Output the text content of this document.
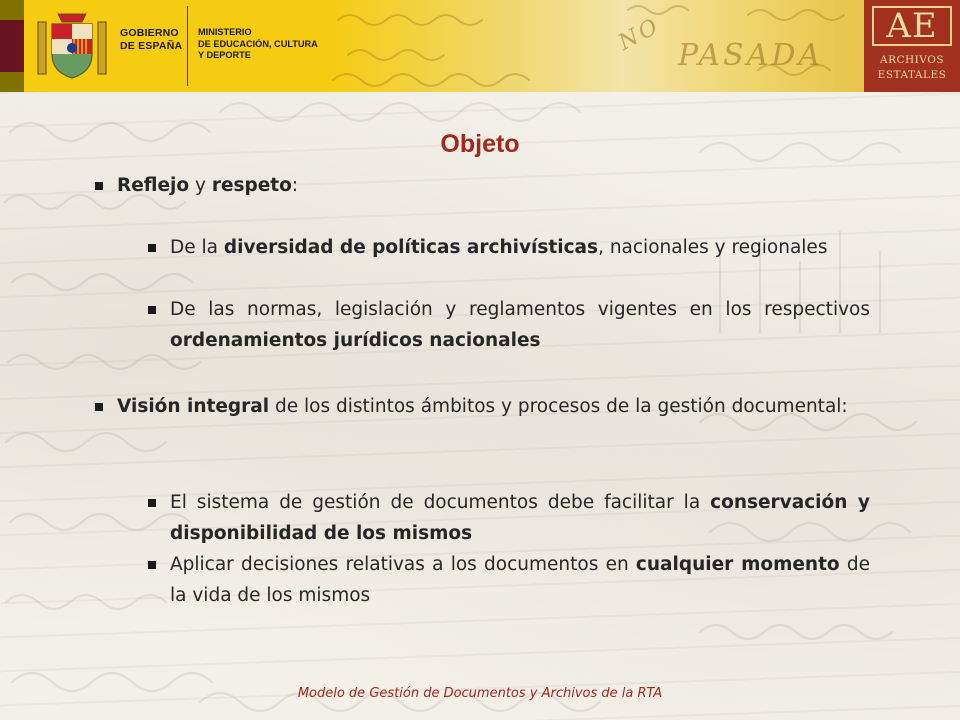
GOBIERNO
DE ESPAÑA
MINISTERIO
DE EDUCACIÓN, CULTURA
Y DEPORTE	NO PASADA
AE
ARCHIVOS
ESTATALES
Objeto
Reflejo y respeto:
De la diversidad de políticas archivísticas, nacionales y regionales
De las normas, legislación y reglamentos vigentes en los respectivos ordenamientos jurídicos nacionales
Visión integral de los distintos ámbitos y procesos de la gestión documental:
El sistema de gestión de documentos debe facilitar la conservación y disponibilidad de los mismos
Aplicar decisiones relativas a los documentos en cualquier momento de la vida de los mismos
Modelo de Gestión de Documentos y Archivos de la RTA
